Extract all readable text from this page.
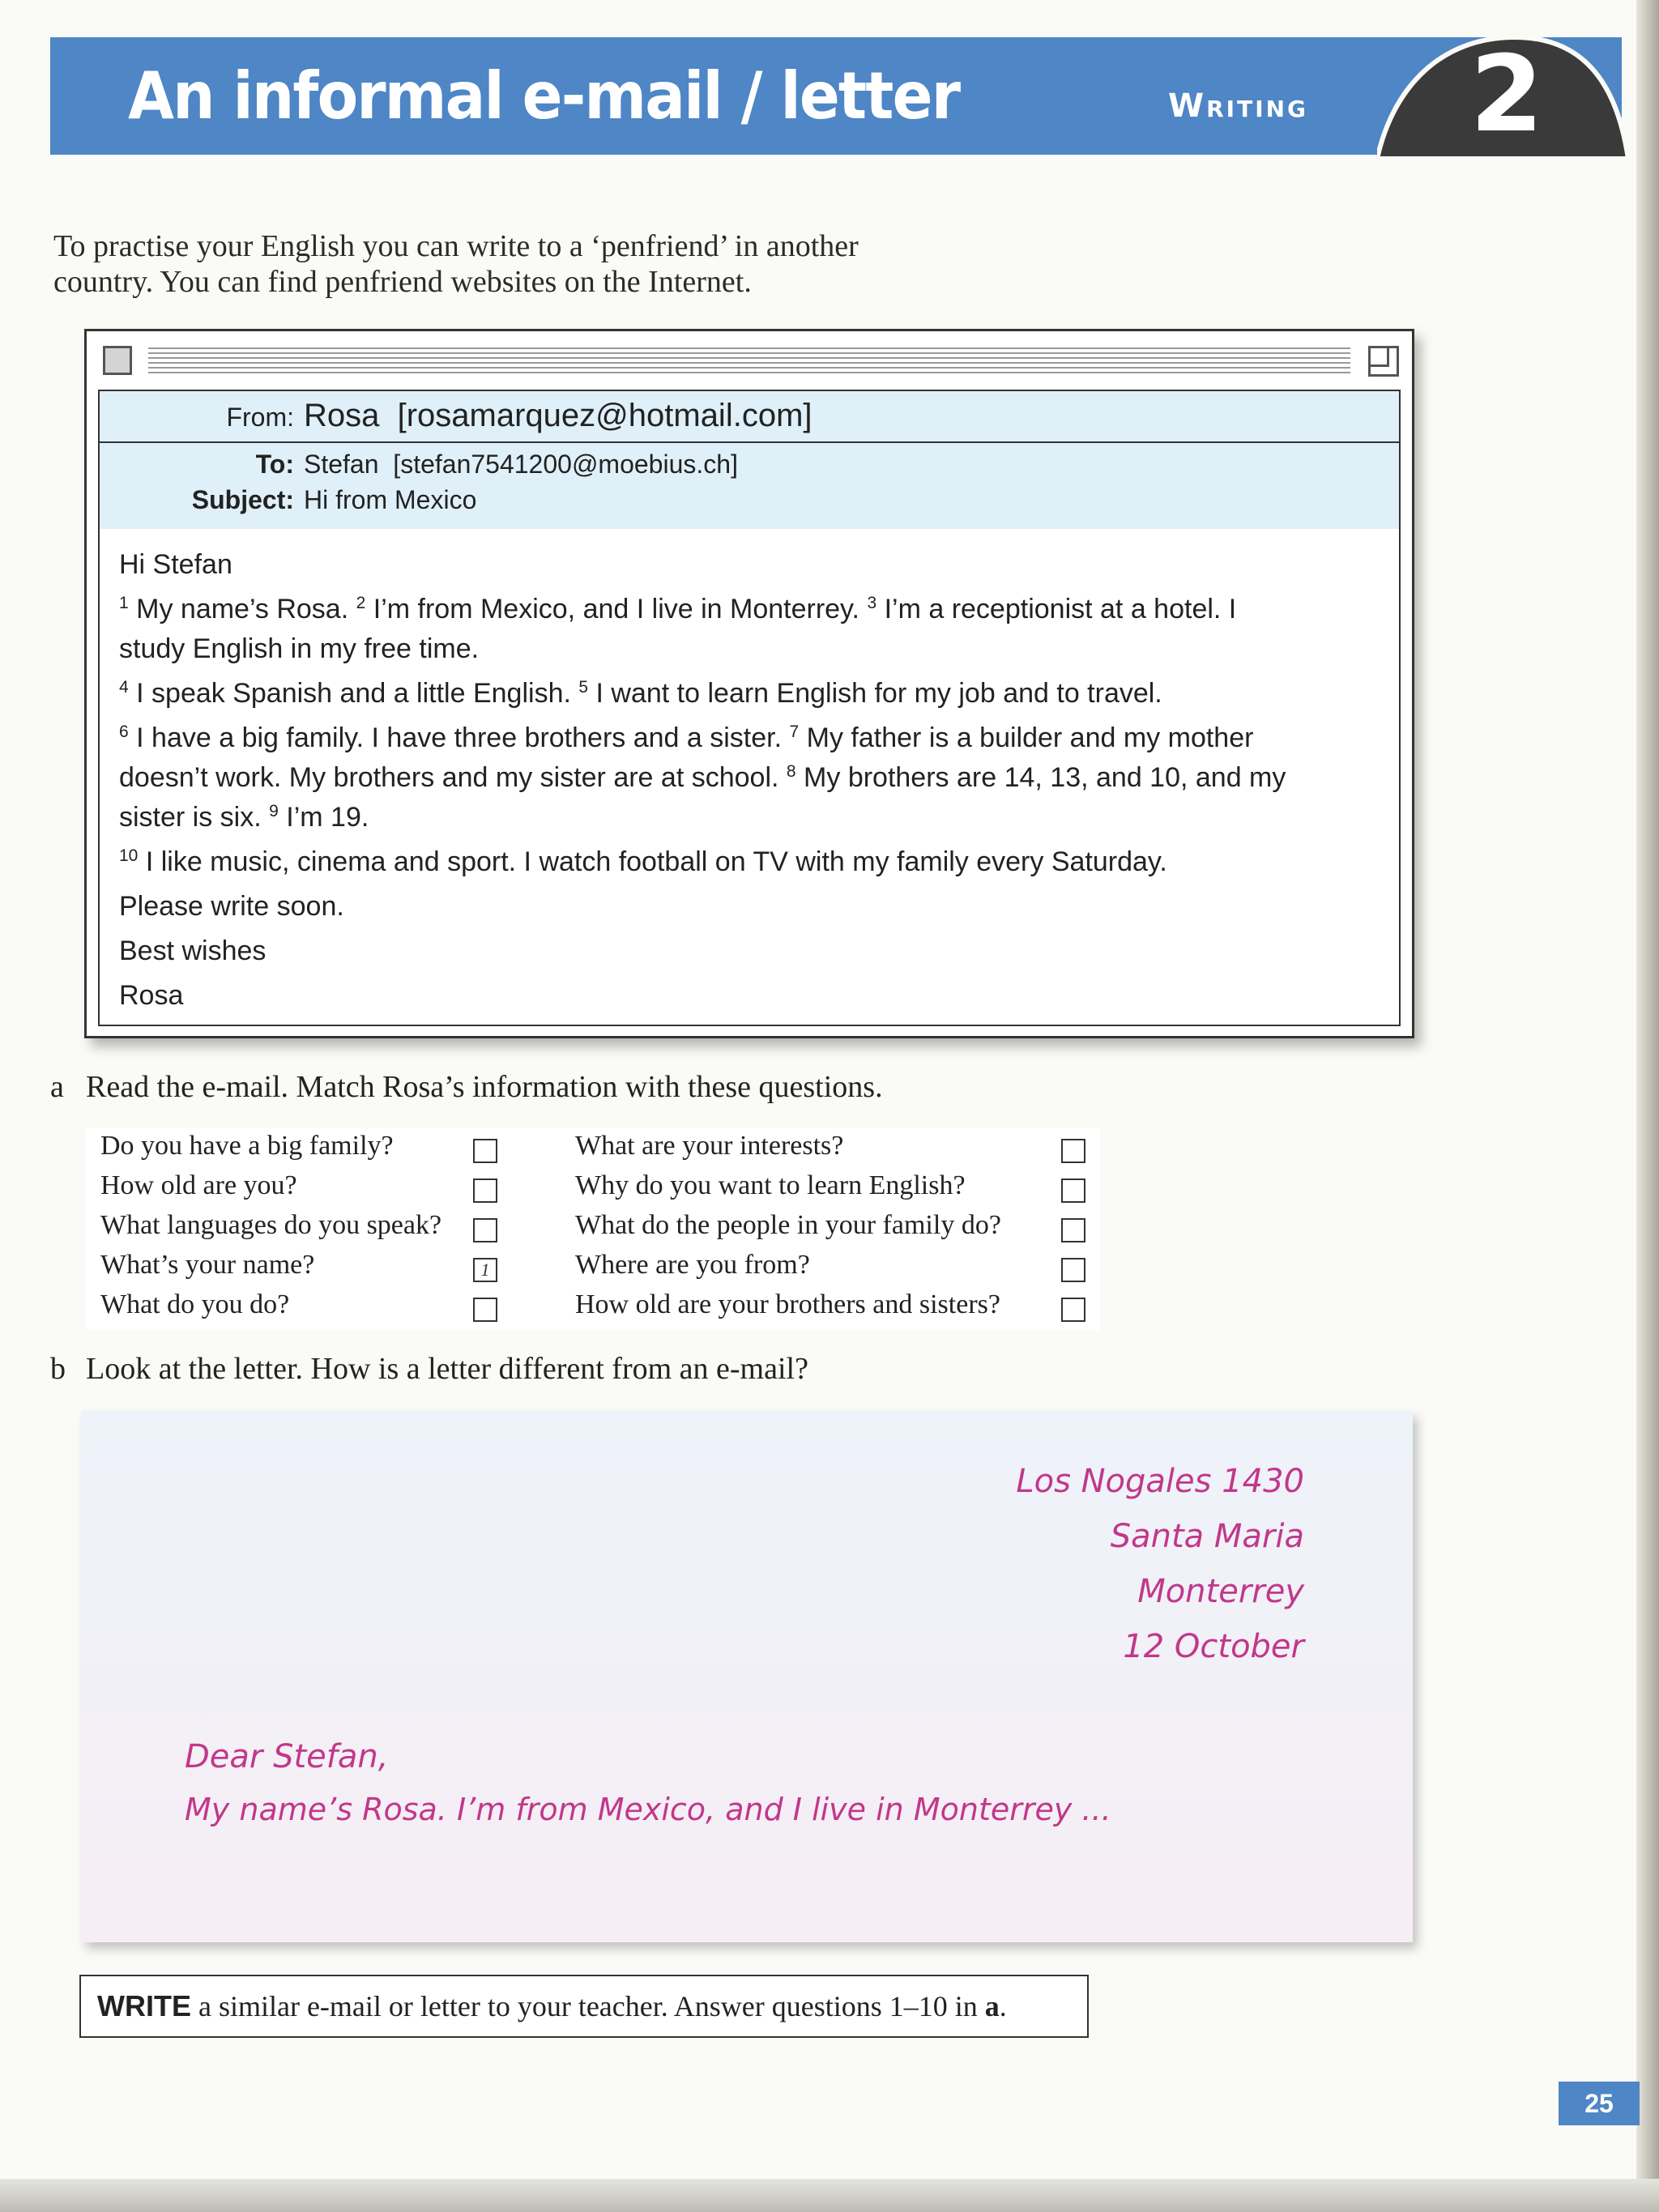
An informal e-mail / letter	Writing 2

To practise your English you can write to a ‘penfriend’ in another country. You can find penfriend websites on the Internet.

From: Rosa  [rosamarquez@hotmail.com]
To: Stefan  [stefan7541200@moebius.ch]
Subject: Hi from Mexico

Hi Stefan

$^1$ My name’s Rosa. $^2$ I’m from Mexico, and I live in Monterrey. $^3$ I’m a receptionist at a hotel. I study English in my free time.

$^4$ I speak Spanish and a little English. $^5$ I want to learn English for my job and to travel.

$^6$ I have a big family. I have three brothers and a sister. $^7$ My father is a builder and my mother doesn’t work. My brothers and my sister are at school. $^8$ My brothers are 14, 13, and 10, and my sister is six. $^9$ I’m 19.

$^{10}$ I like music, cinema and sport. I watch football on TV with my family every Saturday.

Please write soon.

Best wishes

Rosa

a Read the e-mail. Match Rosa’s information with these questions.
Do you have a big family?
How old are you?
What languages do you speak?
What’s your name?
What do you do?
1
What are your interests?
Why do you want to learn English?
What do the people in your family do?
Where are you from?
How old are your brothers and sisters?
b Look at the letter. How is a letter different from an e-mail?
Los Nogales 1430
Santa Maria
Monterrey
12 October
Dear Stefan,
My name’s Rosa. I’m from Mexico, and I live in Monterrey ...
WRITE a similar e-mail or letter to your teacher. Answer questions 1–10 in a.
25
